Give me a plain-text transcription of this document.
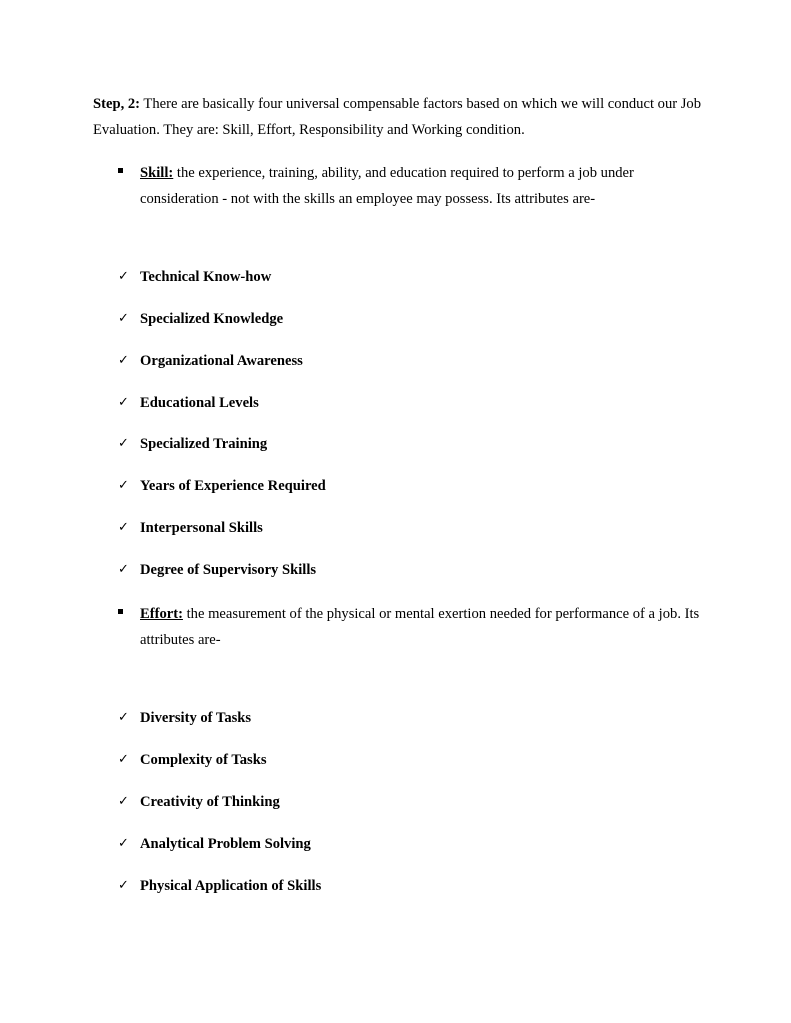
Step, 2: There are basically four universal compensable factors based on which we will conduct our Job Evaluation. They are: Skill, Effort, Responsibility and Working condition.

Skill: the experience, training, ability, and education required to perform a job under consideration - not with the skills an employee may possess. Its attributes are-

✓ Technical Know-how
✓ Specialized Knowledge
✓ Organizational Awareness
✓ Educational Levels
✓ Specialized Training
✓ Years of Experience Required
✓ Interpersonal Skills
✓ Degree of Supervisory Skills

Effort: the measurement of the physical or mental exertion needed for performance of a job. Its attributes are-

✓ Diversity of Tasks
✓ Complexity of Tasks
✓ Creativity of Thinking
✓ Analytical Problem Solving
✓ Physical Application of Skills
